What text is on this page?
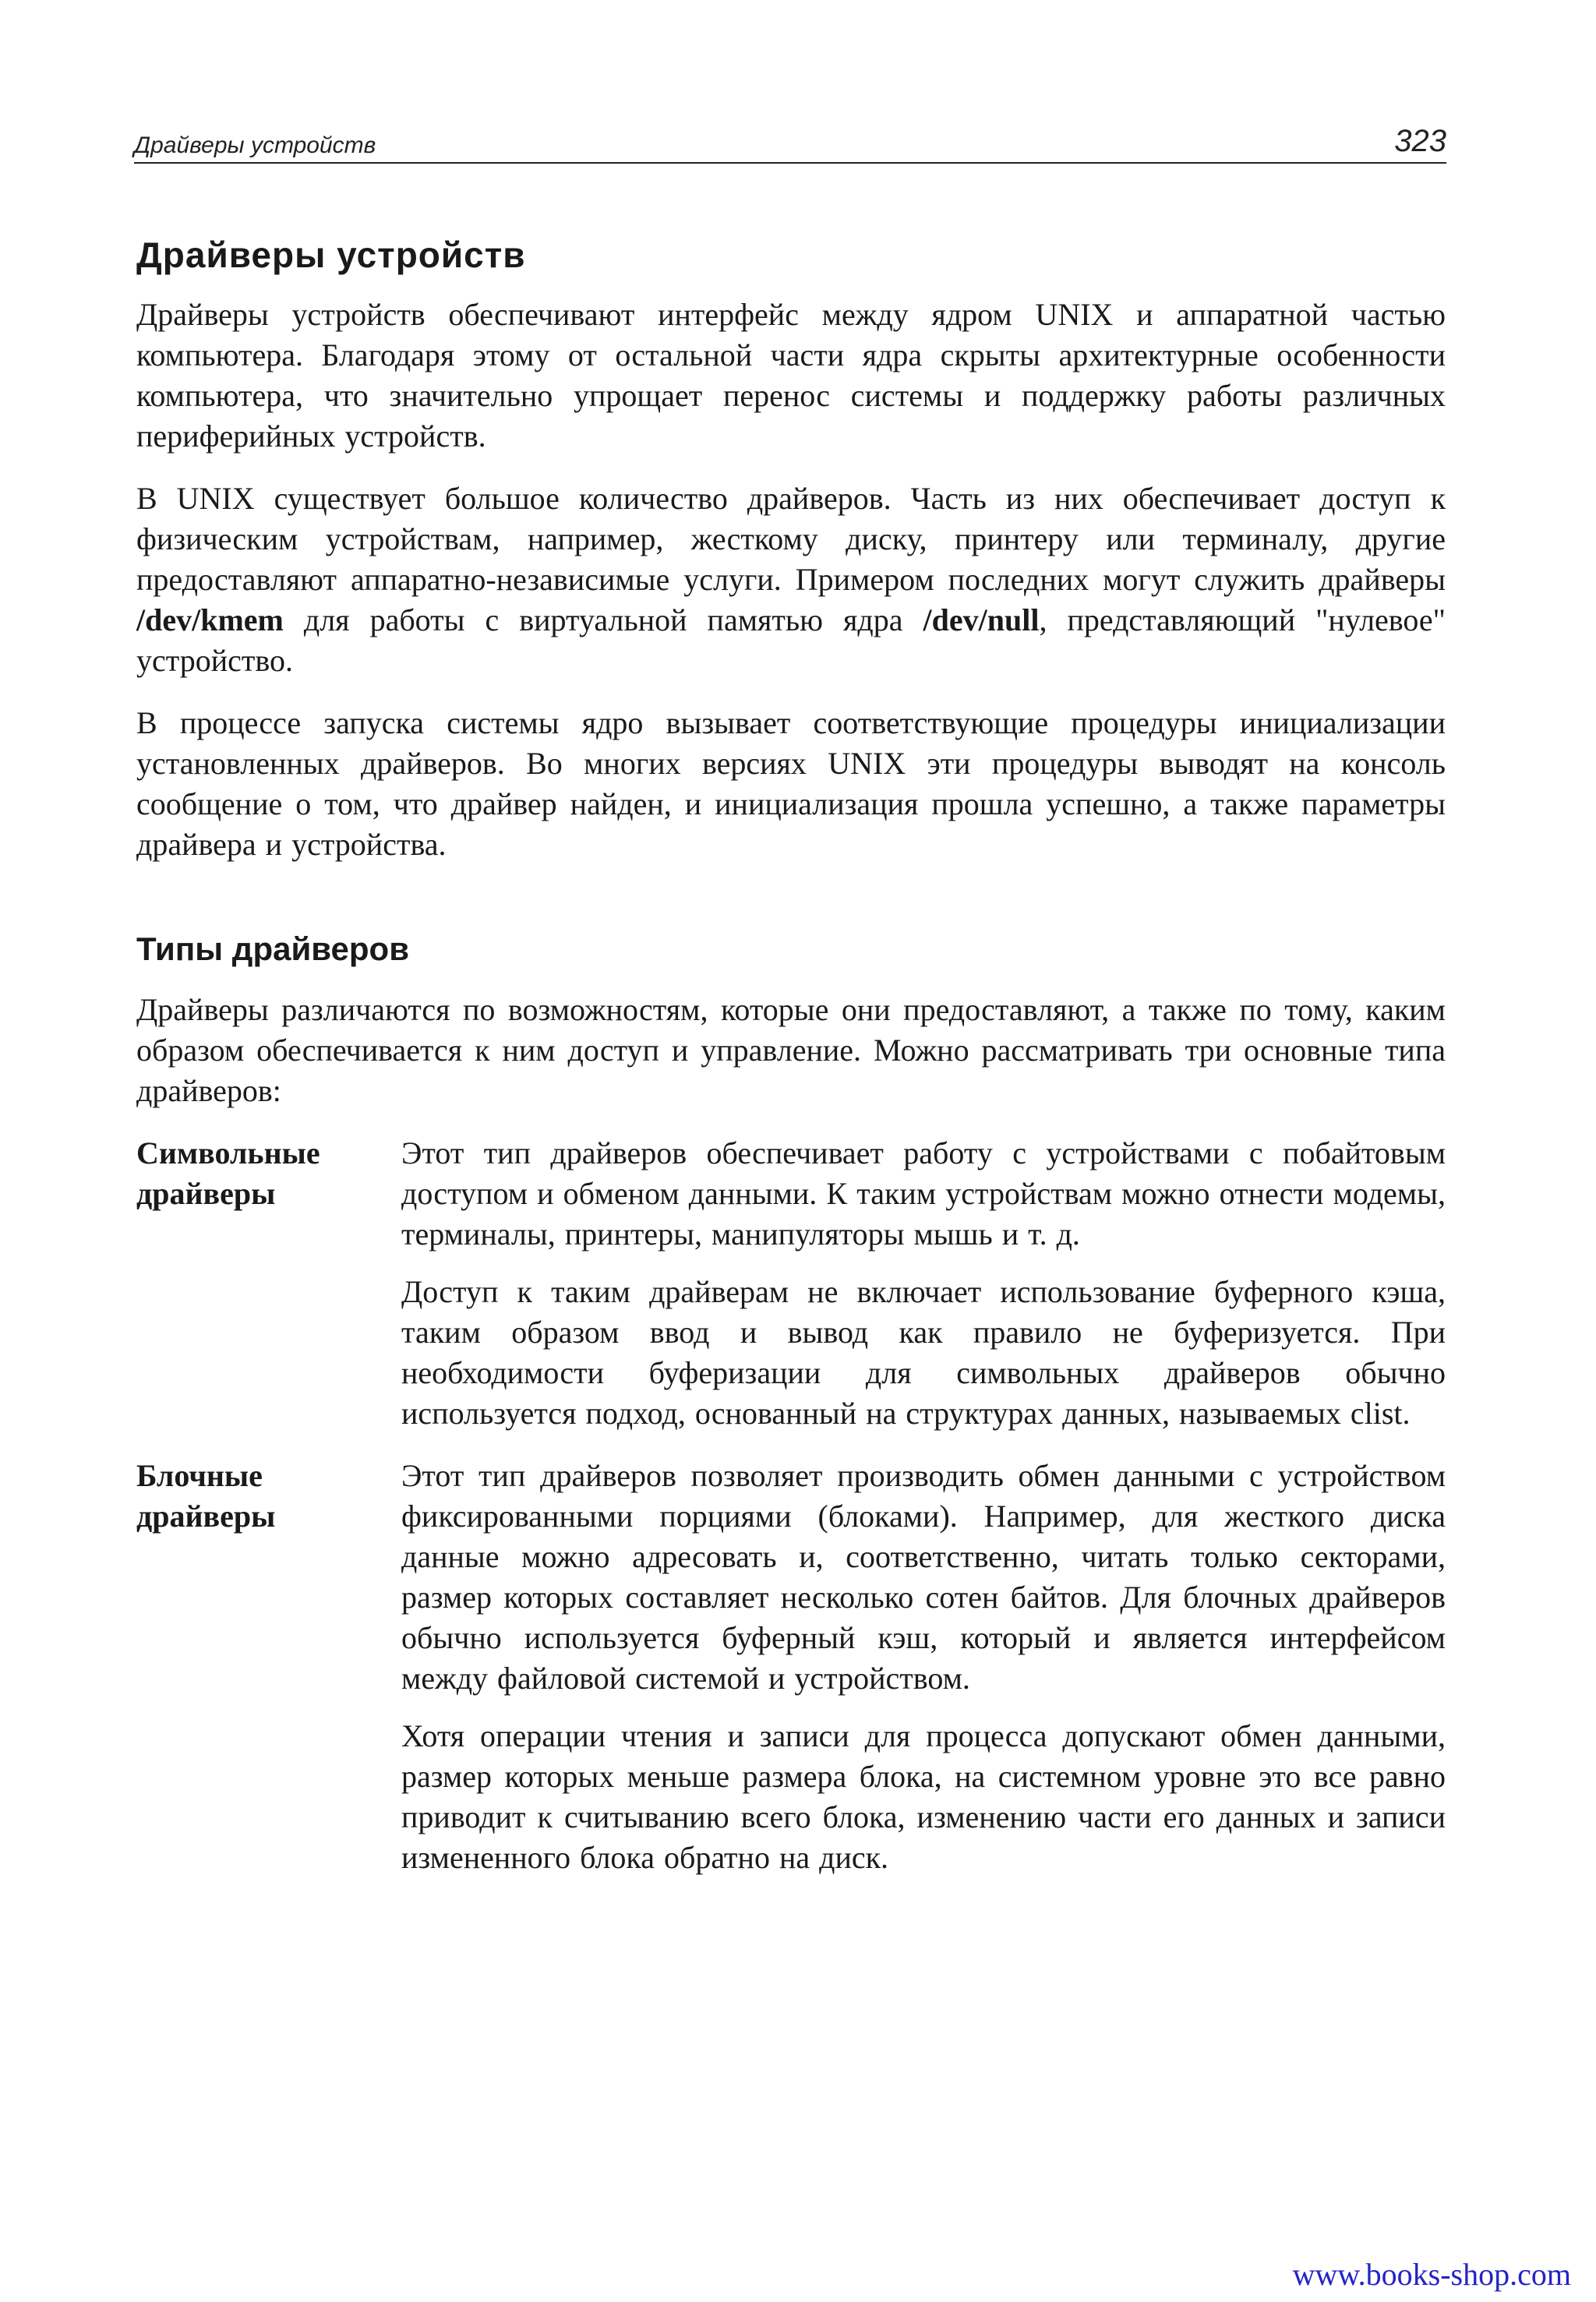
Драйверы устройств	323
Драйверы устройств

Драйверы устройств обеспечивают интерфейс между ядром UNIX и аппаратной частью компьютера. Благодаря этому от остальной части ядра скрыты архитектурные особенности компьютера, что значительно упрощает перенос системы и поддержку работы различных периферийных устройств.

В UNIX существует большое количество драйверов. Часть из них обеспечивает доступ к физическим устройствам, например, жесткому диску, принтеру или терминалу, другие предоставляют аппаратно-независимые услуги. Примером последних могут служить драйверы /dev/kmem для работы с виртуальной памятью ядра /dev/null, представляющий "нулевое" устройство.

В процессе запуска системы ядро вызывает соответствующие процедуры инициализации установленных драйверов. Во многих версиях UNIX эти процедуры выводят на консоль сообщение о том, что драйвер найден, и инициализация прошла успешно, а также параметры драйвера и устройства.

Типы драйверов

Драйверы различаются по возможностям, которые они предоставляют, а также по тому, каким образом обеспечивается к ним доступ и управление. Можно рассматривать три основные типа драйверов:

Символьные
драйверы

Этот тип драйверов обеспечивает работу с устройствами с побайтовым доступом и обменом данными. К таким устройствам можно отнести модемы, терминалы, принтеры, манипуляторы мышь и т. д.

Доступ к таким драйверам не включает использование буферного кэша, таким образом ввод и вывод как правило не буферизуется. При необходимости буферизации для символьных драйверов обычно используется подход, основанный на структурах данных, называемых clist.

Блочные
драйверы

Этот тип драйверов позволяет производить обмен данными с устройством фиксированными порциями (блоками). Например, для жесткого диска данные можно адресовать и, соответственно, читать только секторами, размер которых составляет несколько сотен байтов. Для блочных драйверов обычно используется буферный кэш, который и является интерфейсом между файловой системой и устройством.

Хотя операции чтения и записи для процесса допускают обмен данными, размер которых меньше размера блока, на системном уровне это все равно приводит к считыванию всего блока, изменению части его данных и записи измененного блока обратно на диск.

www.books-shop.com
